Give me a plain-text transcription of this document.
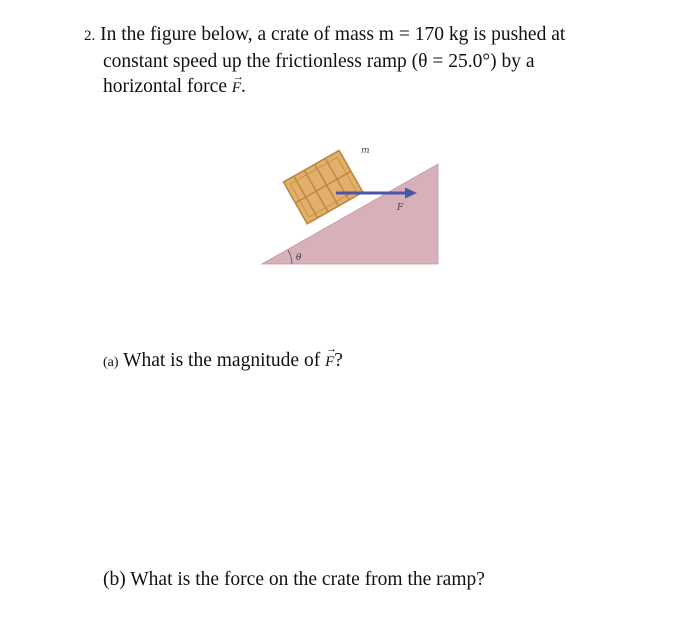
2. In the figure below, a crate of mass m = 170 kg is pushed at
constant speed up the frictionless ramp (θ = 25.0°) by a
horizontal force → F.
m
F
θ
(a) What is the magnitude of → F?
(b) What is the force on the crate from the ramp?
